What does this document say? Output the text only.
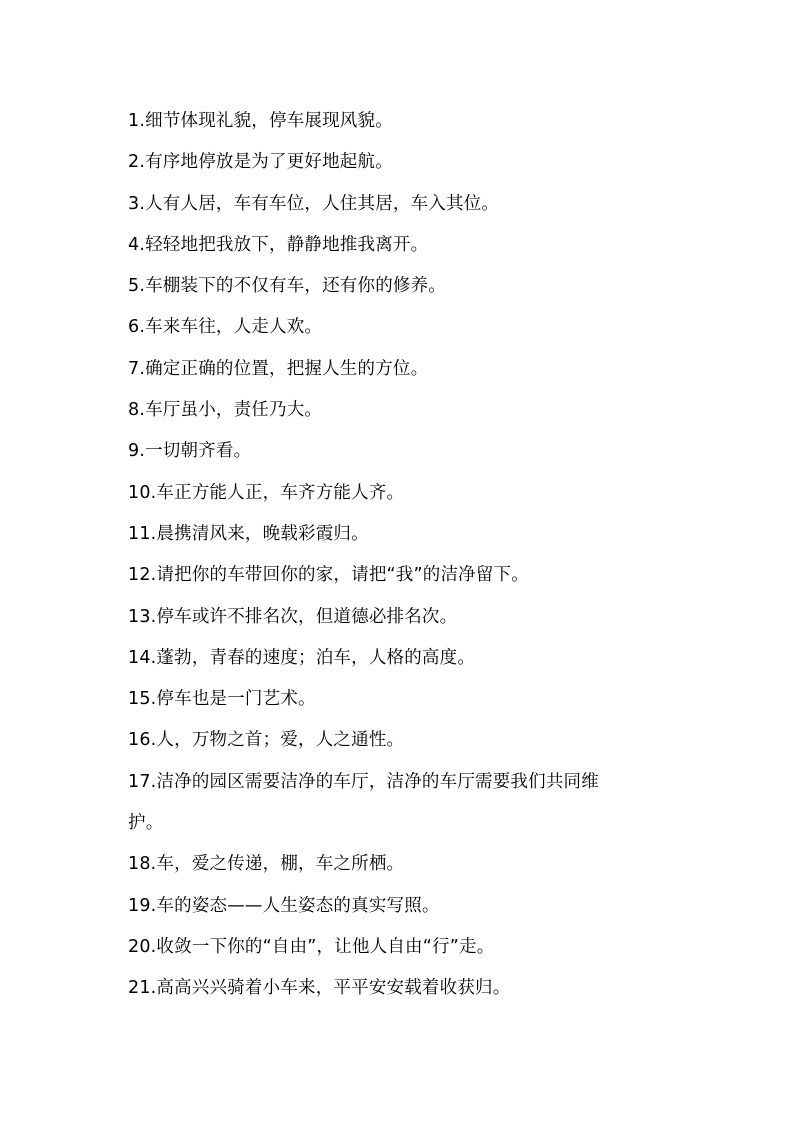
1.细节体现礼貌，停车展现风貌。
2.有序地停放是为了更好地起航。
3.人有人居，车有车位，人住其居，车入其位。
4.轻轻地把我放下，静静地推我离开。
5.车棚装下的不仅有车，还有你的修养。
6.车来车往，人走人欢。
7.确定正确的位置，把握人生的方位。
8.车厅虽小，责任乃大。
9.一切朝齐看。
10.车正方能人正，车齐方能人齐。
11.晨携清风来，晚载彩霞归。
12.请把你的车带回你的家，请把“我”的洁净留下。
13.停车或许不排名次，但道德必排名次。
14.蓬勃，青春的速度；泊车，人格的高度。
15.停车也是一门艺术。
16.人，万物之首；爱，人之通性。
17.洁净的园区需要洁净的车厅，洁净的车厅需要我们共同维
护。
18.车，爱之传递，棚，车之所栖。
19.车的姿态——人生姿态的真实写照。
20.收敛一下你的“自由”，让他人自由“行”走。
21.高高兴兴骑着小车来，平平安安载着收获归。
